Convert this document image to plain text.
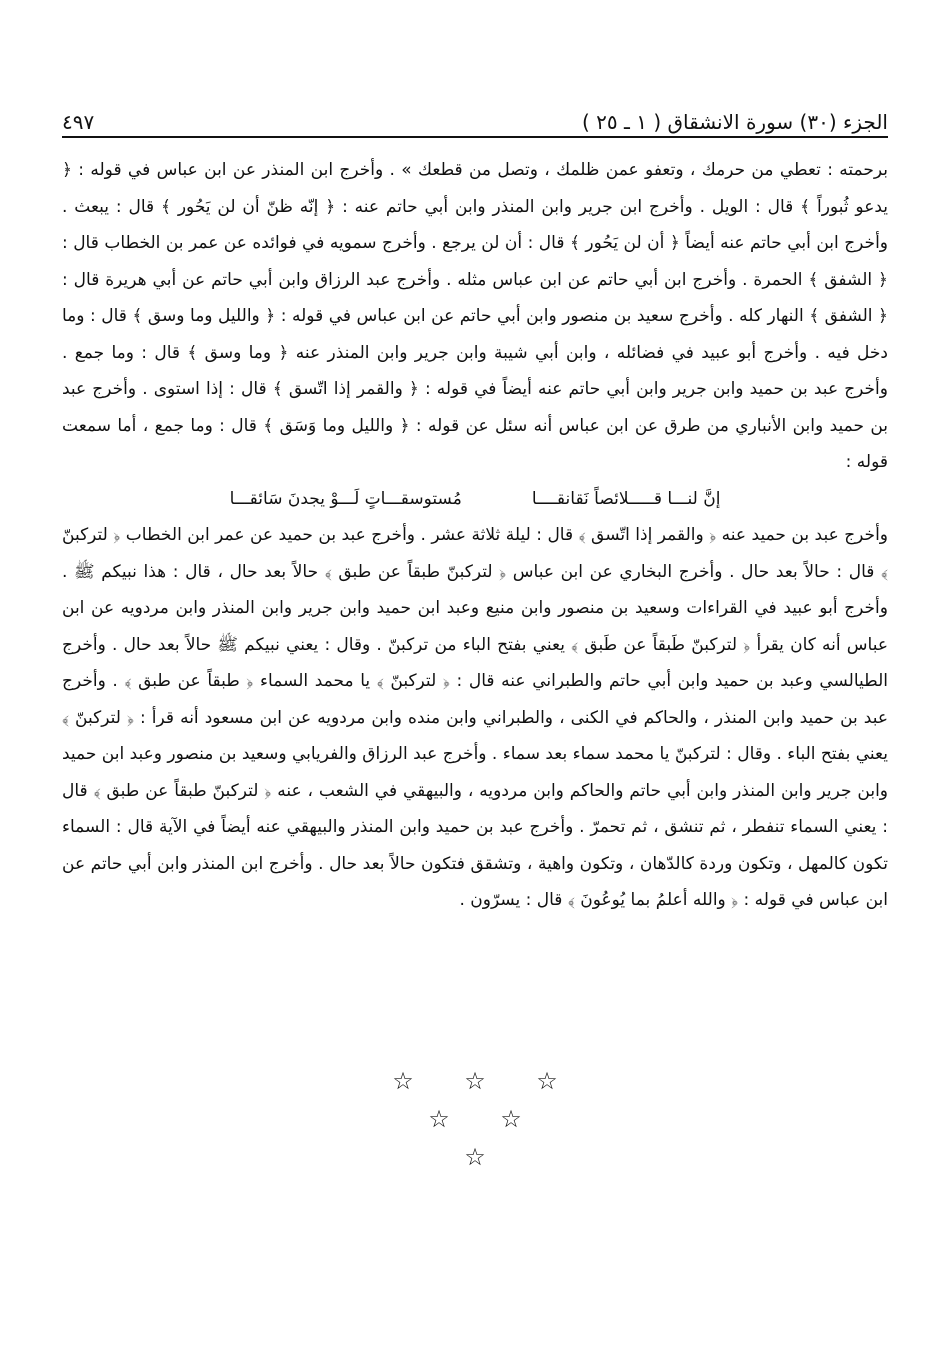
الجزء (٣٠) سورة الانشقاق ( ١ ـ ٢٥ )
٤٩٧

برحمته : تعطي من حرمك ، وتعفو عمن ظلمك ، وتصل من قطعك » . وأخرج ابن المنذر عن ابن عباس في قوله : ﴿ يدعو ثُبوراً ﴾ قال : الويل . وأخرج ابن جرير وابن المنذر وابن أبي حاتم عنه : ﴿ إنّه ظنّ أن لن يَحُور ﴾ قال : يبعث . وأخرج ابن أبي حاتم عنه أيضاً ﴿ أن لن يَحُور ﴾ قال : أن لن يرجع . وأخرج سمويه في فوائده عن عمر بن الخطاب قال : ﴿ الشفق ﴾ الحمرة . وأخرج ابن أبي حاتم عن ابن عباس مثله . وأخرج عبد الرزاق وابن أبي حاتم عن أبي هريرة قال : ﴿ الشفق ﴾ النهار كله . وأخرج سعيد بن منصور وابن أبي حاتم عن ابن عباس في قوله : ﴿ والليل وما وسق ﴾ قال : وما دخل فيه . وأخرج أبو عبيد في فضائله ، وابن أبي شيبة وابن جرير وابن المنذر عنه ﴿ وما وسق ﴾ قال : وما جمع . وأخرج عبد بن حميد وابن جرير وابن أبي حاتم عنه أيضاً في قوله : ﴿ والقمر إذا اتّسق ﴾ قال : إذا استوى . وأخرج عبد بن حميد وابن الأنباري من طرق عن ابن عباس أنه سئل عن قوله : ﴿ والليل وما وَسَق ﴾ قال : وما جمع ، أما سمعت قوله :

إنَّ لنـــا قـــــلائصاً نَقانقــــا
مُستوسقـــاتٍ لَـــوْ يجدنَ سَائقـــا

وأخرج عبد بن حميد عنه ﴿ والقمر إذا اتّسق ﴾ قال : ليلة ثلاثة عشر . وأخرج عبد بن حميد عن عمر ابن الخطاب ﴿ لتركبنّ ﴾ قال : حالاً بعد حال . وأخرج البخاري عن ابن عباس ﴿ لتركبنّ طبقاً عن طبق ﴾ حالاً بعد حال ، قال : هذا نبيكم ﷺ . وأخرج أبو عبيد في القراءات وسعيد بن منصور وابن منيع وعبد ابن حميد وابن جرير وابن المنذر وابن مردويه عن ابن عباس أنه كان يقرأ ﴿ لتركبنّ طَبقاً عن طَبق ﴾ يعني بفتح الباء من تركبنّ . وقال : يعني نبيكم ﷺ حالاً بعد حال . وأخرج الطيالسي وعبد بن حميد وابن أبي حاتم والطبراني عنه قال : ﴿ لتركبنّ ﴾ يا محمد السماء ﴿ طبقاً عن طبق ﴾ . وأخرج عبد بن حميد وابن المنذر ، والحاكم في الكنى ، والطبراني وابن منده وابن مردويه عن ابن مسعود أنه قرأ : ﴿ لتركبنّ ﴾ يعني بفتح الباء . وقال : لتركبنّ يا محمد سماء بعد سماء . وأخرج عبد الرزاق والفريابي وسعيد بن منصور وعبد ابن حميد وابن جرير وابن المنذر وابن أبي حاتم والحاكم وابن مردويه ، والبيهقي في الشعب ، عنه ﴿ لتركبنّ طبقاً عن طبق ﴾ قال : يعني السماء تنفطر ، ثم تنشق ، ثم تحمرّ . وأخرج عبد بن حميد وابن المنذر والبيهقي عنه أيضاً في الآية قال : السماء تكون كالمهل ، وتكون وردة كالدّهان ، وتكون واهية ، وتشقق فتكون حالاً بعد حال . وأخرج ابن المنذر وابن أبي حاتم عن ابن عباس في قوله : ﴿ والله أعلمُ بما يُوعُونَ ﴾ قال : يسرّون .

☆
☆
☆
☆
☆
☆
